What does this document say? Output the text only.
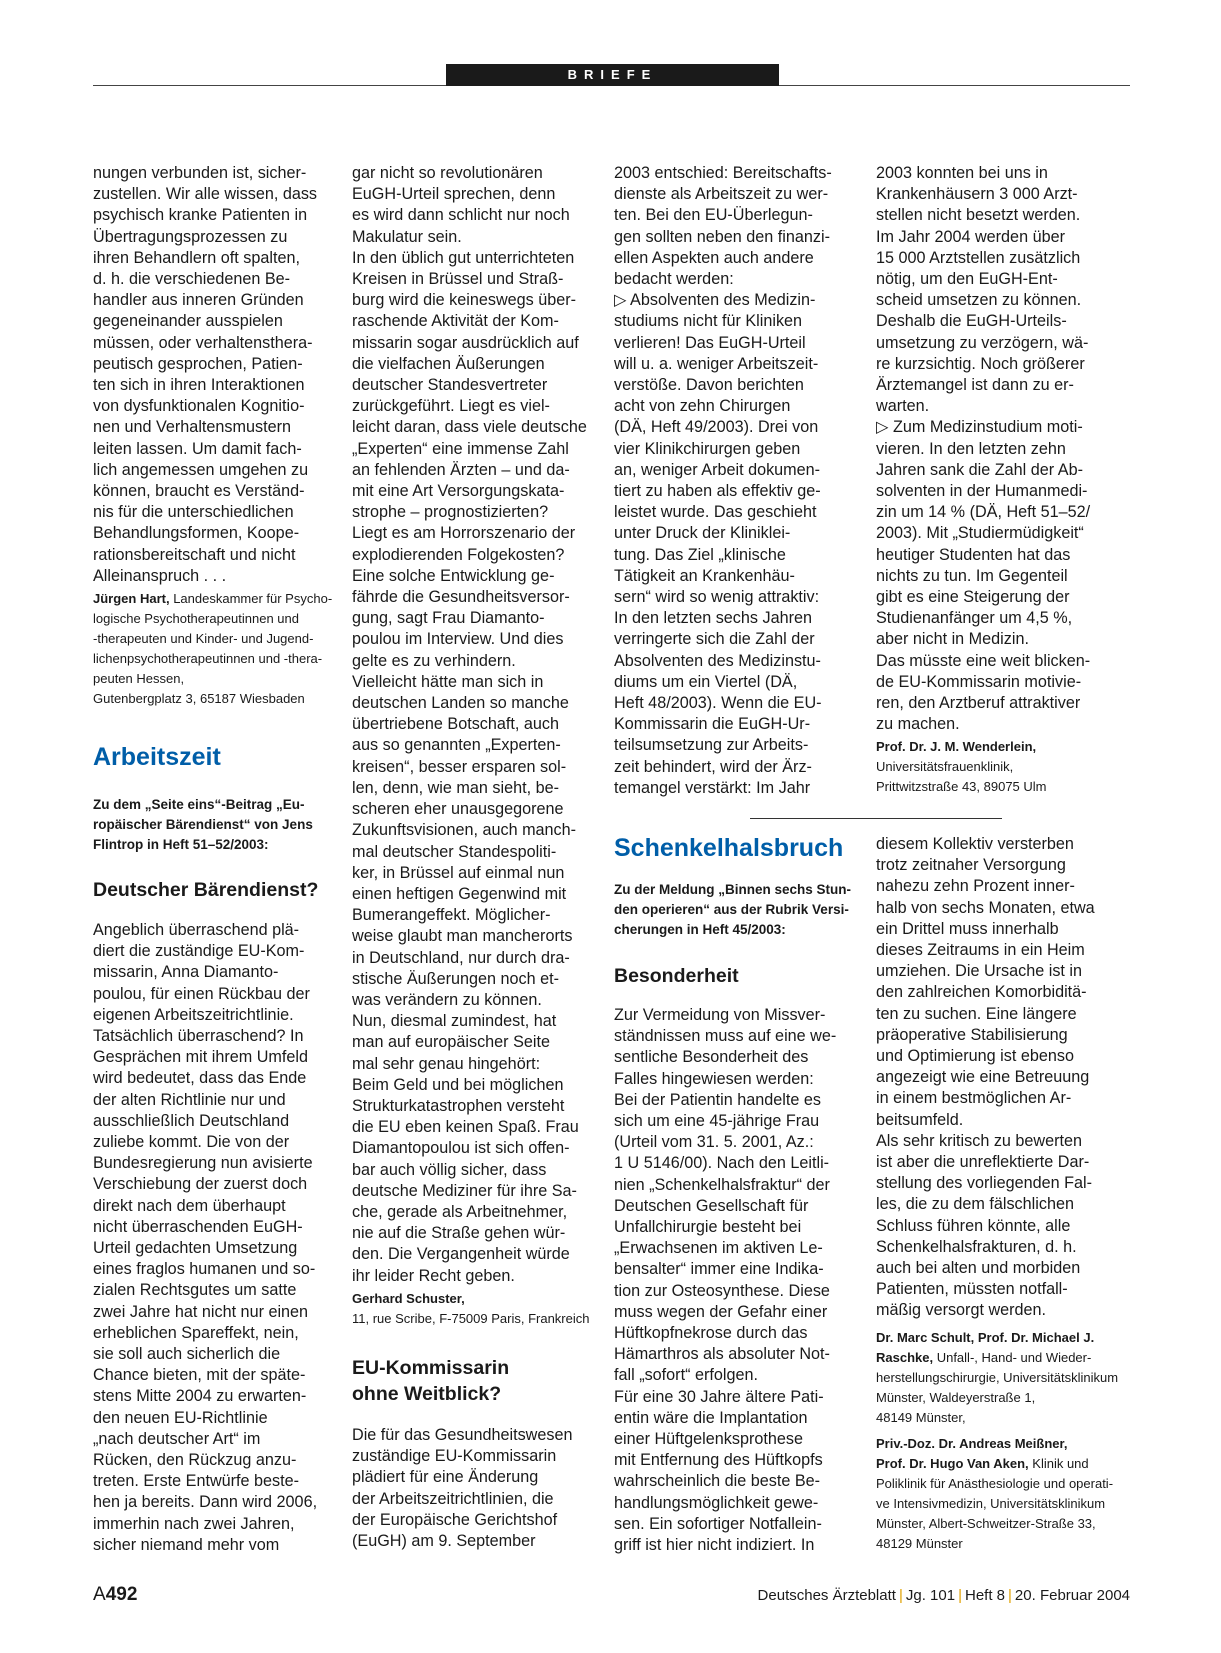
BRIEFE

nungen verbunden ist, sicher-
zustellen. Wir alle wissen, dass
psychisch kranke Patienten in
Übertragungsprozessen zu
ihren Behandlern oft spalten,
d. h. die verschiedenen Be-
handler aus inneren Gründen
gegeneinander ausspielen
müssen, oder verhaltensthera-
peutisch gesprochen, Patien-
ten sich in ihren Interaktionen
von dysfunktionalen Kognitio-
nen und Verhaltensmustern
leiten lassen. Um damit fach-
lich angemessen umgehen zu
können, braucht es Verständ-
nis für die unterschiedlichen
Behandlungsformen, Koope-
rationsbereitschaft und nicht
Alleinanspruch . . .

Jürgen Hart, Landeskammer für Psycho-
logische Psychotherapeutinnen und
-therapeuten und Kinder- und Jugend-
lichenpsychotherapeutinnen und -thera-
peuten Hessen,
Gutenbergplatz 3, 65187 Wiesbaden
Arbeitszeit

Zu dem „Seite eins“-Beitrag „Eu-
ropäischer Bärendienst“ von Jens
Flintrop in Heft 51–52/2003:

Deutscher Bärendienst?

Angeblich überraschend plä-
diert die zuständige EU-Kom-
missarin, Anna Diamanto-
poulou, für einen Rückbau der
eigenen Arbeitszeitrichtlinie.
Tatsächlich überraschend? In
Gesprächen mit ihrem Umfeld
wird bedeutet, dass das Ende
der alten Richtlinie nur und
ausschließlich Deutschland
zuliebe kommt. Die von der
Bundesregierung nun avisierte
Verschiebung der zuerst doch
direkt nach dem überhaupt
nicht überraschenden EuGH-
Urteil gedachten Umsetzung
eines fraglos humanen und so-
zialen Rechtsgutes um satte
zwei Jahre hat nicht nur einen
erheblichen Spareffekt, nein,
sie soll auch sicherlich die
Chance bieten, mit der späte-
stens Mitte 2004 zu erwarten-
den neuen EU-Richtlinie
„nach deutscher Art“ im
Rücken, den Rückzug anzu-
treten. Erste Entwürfe beste-
hen ja bereits. Dann wird 2006,
immerhin nach zwei Jahren,
sicher niemand mehr vom

gar nicht so revolutionären
EuGH-Urteil sprechen, denn
es wird dann schlicht nur noch
Makulatur sein.
In den üblich gut unterrichteten
Kreisen in Brüssel und Straß-
burg wird die keineswegs über-
raschende Aktivität der Kom-
missarin sogar ausdrücklich auf
die vielfachen Äußerungen
deutscher Standesvertreter
zurückgeführt. Liegt es viel-
leicht daran, dass viele deutsche
„Experten“ eine immense Zahl
an fehlenden Ärzten – und da-
mit eine Art Versorgungskata-
strophe – prognostizierten?
Liegt es am Horrorszenario der
explodierenden Folgekosten?
Eine solche Entwicklung ge-
fährde die Gesundheitsversor-
gung, sagt Frau Diamanto-
poulou im Interview. Und dies
gelte es zu verhindern.
Vielleicht hätte man sich in
deutschen Landen so manche
übertriebene Botschaft, auch
aus so genannten „Experten-
kreisen“, besser ersparen sol-
len, denn, wie man sieht, be-
scheren eher unausgegorene
Zukunftsvisionen, auch manch-
mal deutscher Standespoliti-
ker, in Brüssel auf einmal nun
einen heftigen Gegenwind mit
Bumerangeffekt. Möglicher-
weise glaubt man mancherorts
in Deutschland, nur durch dra-
stische Äußerungen noch et-
was verändern zu können.
Nun, diesmal zumindest, hat
man auf europäischer Seite
mal sehr genau hingehört:
Beim Geld und bei möglichen
Strukturkatastrophen versteht
die EU eben keinen Spaß. Frau
Diamantopoulou ist sich offen-
bar auch völlig sicher, dass
deutsche Mediziner für ihre Sa-
che, gerade als Arbeitnehmer,
nie auf die Straße gehen wür-
den. Die Vergangenheit würde
ihr leider Recht geben.

Gerhard Schuster,
11, rue Scribe, F-75009 Paris, Frankreich
EU-Kommissarin
ohne Weitblick?

Die für das Gesundheitswesen
zuständige EU-Kommissarin
plädiert für eine Änderung
der Arbeitszeitrichtlinien, die
der Europäische Gerichtshof
(EuGH) am 9. September

2003 entschied: Bereitschafts-
dienste als Arbeitszeit zu wer-
ten. Bei den EU-Überlegun-
gen sollten neben den finanzi-
ellen Aspekten auch andere
bedacht werden:
▷ Absolventen des Medizin-
studiums nicht für Kliniken
verlieren! Das EuGH-Urteil
will u. a. weniger Arbeitszeit-
verstöße. Davon berichten
acht von zehn Chirurgen
(DÄ, Heft 49/2003). Drei von
vier Klinikchirurgen geben
an, weniger Arbeit dokumen-
tiert zu haben als effektiv ge-
leistet wurde. Das geschieht
unter Druck der Kliniklei-
tung. Das Ziel „klinische
Tätigkeit an Krankenhäu-
sern“ wird so wenig attraktiv:
In den letzten sechs Jahren
verringerte sich die Zahl der
Absolventen des Medizinstu-
diums um ein Viertel (DÄ,
Heft 48/2003). Wenn die EU-
Kommissarin die EuGH-Ur-
teilsumsetzung zur Arbeits-
zeit behindert, wird der Ärz-
temangel verstärkt: Im Jahr

Schenkelhalsbruch

Zu der Meldung „Binnen sechs Stun-
den operieren“ aus der Rubrik Versi-
cherungen in Heft 45/2003:

Besonderheit

Zur Vermeidung von Missver-
ständnissen muss auf eine we-
sentliche Besonderheit des
Falles hingewiesen werden:
Bei der Patientin handelte es
sich um eine 45-jährige Frau
(Urteil vom 31. 5. 2001, Az.:
1 U 5146/00). Nach den Leitli-
nien „Schenkelhalsfraktur“ der
Deutschen Gesellschaft für
Unfallchirurgie besteht bei
„Erwachsenen im aktiven Le-
bensalter“ immer eine Indika-
tion zur Osteosynthese. Diese
muss wegen der Gefahr einer
Hüftkopfnekrose durch das
Hämarthros als absoluter Not-
fall „sofort“ erfolgen.
Für eine 30 Jahre ältere Pati-
entin wäre die Implantation
einer Hüftgelenksprothese
mit Entfernung des Hüftkopfs
wahrscheinlich die beste Be-
handlungsmöglichkeit gewe-
sen. Ein sofortiger Notfallein-
griff ist hier nicht indiziert. In

2003 konnten bei uns in
Krankenhäusern 3 000 Arzt-
stellen nicht besetzt werden.
Im Jahr 2004 werden über
15 000 Arztstellen zusätzlich
nötig, um den EuGH-Ent-
scheid umsetzen zu können.
Deshalb die EuGH-Urteils-
umsetzung zu verzögern, wä-
re kurzsichtig. Noch größerer
Ärztemangel ist dann zu er-
warten.
▷ Zum Medizinstudium moti-
vieren. In den letzten zehn
Jahren sank die Zahl der Ab-
solventen in der Humanmedi-
zin um 14 % (DÄ, Heft 51–52/
2003). Mit „Studiermüdigkeit“
heutiger Studenten hat das
nichts zu tun. Im Gegenteil
gibt es eine Steigerung der
Studienanfänger um 4,5 %,
aber nicht in Medizin.
Das müsste eine weit blicken-
de EU-Kommissarin motivie-
ren, den Arztberuf attraktiver
zu machen.

Prof. Dr. J. M. Wenderlein,
Universitätsfrauenklinik,
Prittwitzstraße 43, 89075 Ulm

diesem Kollektiv versterben
trotz zeitnaher Versorgung
nahezu zehn Prozent inner-
halb von sechs Monaten, etwa
ein Drittel muss innerhalb
dieses Zeitraums in ein Heim
umziehen. Die Ursache ist in
den zahlreichen Komorbiditä-
ten zu suchen. Eine längere
präoperative Stabilisierung
und Optimierung ist ebenso
angezeigt wie eine Betreuung
in einem bestmöglichen Ar-
beitsumfeld.
Als sehr kritisch zu bewerten
ist aber die unreflektierte Dar-
stellung des vorliegenden Fal-
les, die zu dem fälschlichen
Schluss führen könnte, alle
Schenkelhalsfrakturen, d. h.
auch bei alten und morbiden
Patienten, müssten notfall-
mäßig versorgt werden.

Dr. Marc Schult, Prof. Dr. Michael J.
Raschke, Unfall-, Hand- und Wieder-
herstellungschirurgie, Universitätsklinikum
Münster, Waldeyerstraße 1,
48149 Münster,
Priv.-Doz. Dr. Andreas Meißner,
Prof. Dr. Hugo Van Aken, Klinik und
Poliklinik für Anästhesiologie und operati-
ve Intensivmedizin, Universitätsklinikum
Münster, Albert-Schweitzer-Straße 33,
48129 Münster
A492	Deutsches Ärzteblatt | Jg. 101 | Heft 8 | 20. Februar 2004
